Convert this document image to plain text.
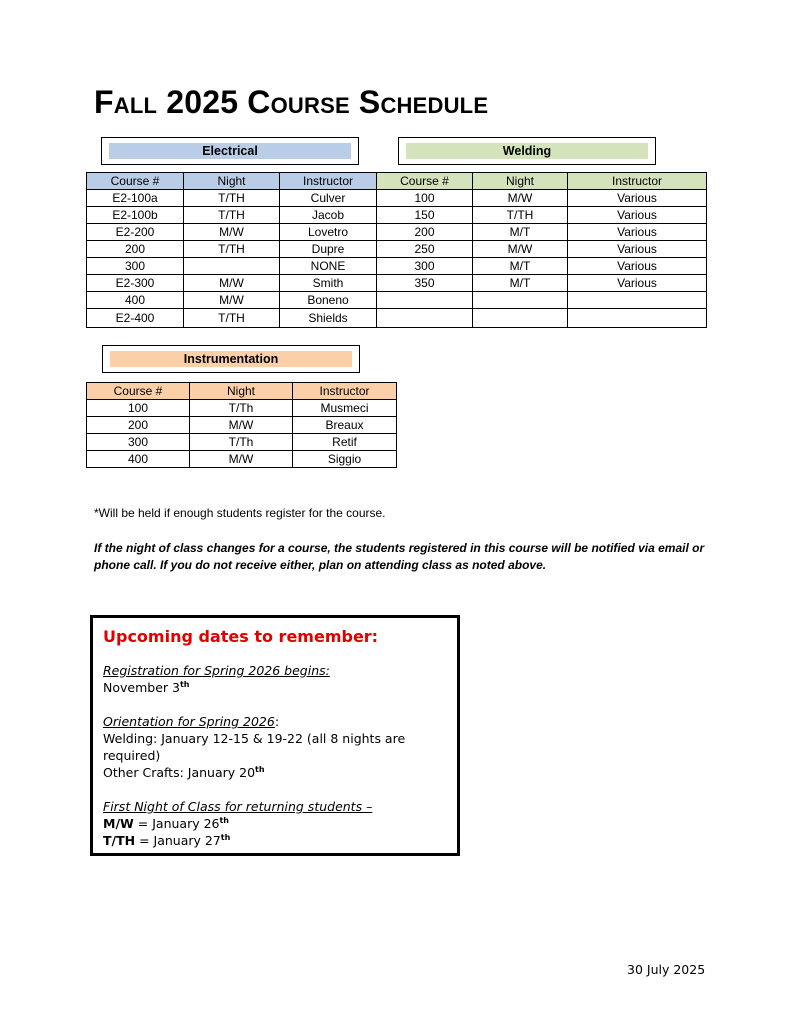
Fall 2025 Course Schedule
Electrical	Welding
Instrumentation
Course #	Night	Instructor	Course #	Night	Instructor
E2-100a	T/TH	Culver	100	M/W	Various
E2-100b	T/TH	Jacob	150	T/TH	Various
E2-200	M/W	Lovetro	200	M/T	Various
200	T/TH	Dupre	250	M/W	Various
300		NONE	300	M/T	Various
E2-300	M/W	Smith	350	M/T	Various
400	M/W	Boneno			
E2-400	T/TH	Shields			
Course #	Night	Instructor
100	T/Th	Musmeci
200	M/W	Breaux
300	T/Th	Retif
400	M/W	Siggio
*Will be held if enough students register for the course.
If the night of class changes for a course, the students registered in this course will be notified via email or phone call. If you do not receive either, plan on attending class as noted above.
Upcoming dates to remember:
Registration for Spring 2026 begins:
November 3th
Orientation for Spring 2026:
Welding: January 12-15 & 19-22 (all 8 nights are required)
Other Crafts: January 20th
First Night of Class for returning students –
M/W = January 26th
T/TH = January 27th
30 July 2025
